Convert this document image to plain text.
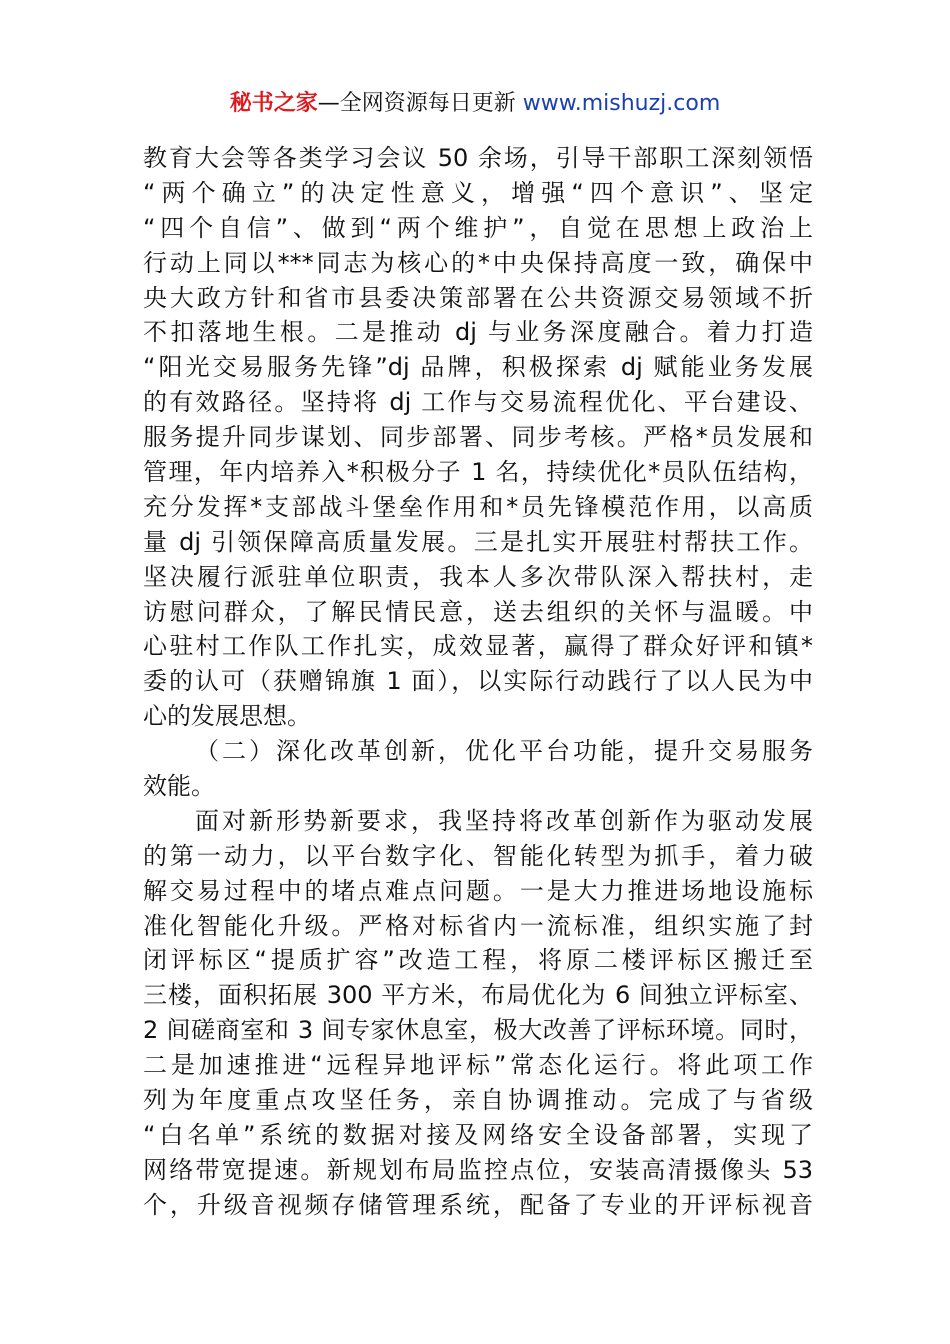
秘书之家—全网资源每日更新 www.mishuzj.com
教育大会等各类学习会议 50 余场，引导干部职工深刻领悟
“两个确立”的决定性意义，增强“四个意识”、坚定
“四个自信”、做到“两个维护”，自觉在思想上政治上
行动上同以***同志为核心的*中央保持高度一致，确保中
央大政方针和省市县委决策部署在公共资源交易领域不折
不扣落地生根。二是推动 dj 与业务深度融合。着力打造
“阳光交易服务先锋”dj 品牌，积极探索 dj 赋能业务发展
的有效路径。坚持将 dj 工作与交易流程优化、平台建设、
服务提升同步谋划、同步部署、同步考核。严格*员发展和
管理，年内培养入*积极分子 1 名，持续优化*员队伍结构，
充分发挥*支部战斗堡垒作用和*员先锋模范作用，以高质
量 dj 引领保障高质量发展。三是扎实开展驻村帮扶工作。
坚决履行派驻单位职责，我本人多次带队深入帮扶村，走
访慰问群众，了解民情民意，送去组织的关怀与温暖。中
心驻村工作队工作扎实，成效显著，赢得了群众好评和镇*
委的认可（获赠锦旗 1 面），以实际行动践行了以人民为中
心的发展思想。
（二）深化改革创新，优化平台功能，提升交易服务
效能。
面对新形势新要求，我坚持将改革创新作为驱动发展
的第一动力，以平台数字化、智能化转型为抓手，着力破
解交易过程中的堵点难点问题。一是大力推进场地设施标
准化智能化升级。严格对标省内一流标准，组织实施了封
闭评标区“提质扩容”改造工程，将原二楼评标区搬迁至
三楼，面积拓展 300 平方米，布局优化为 6 间独立评标室、
2 间磋商室和 3 间专家休息室，极大改善了评标环境。同时，
二是加速推进“远程异地评标”常态化运行。将此项工作
列为年度重点攻坚任务，亲自协调推动。完成了与省级
“白名单”系统的数据对接及网络安全设备部署，实现了
网络带宽提速。新规划布局监控点位，安装高清摄像头 53
个，升级音视频存储管理系统，配备了专业的开评标视音
